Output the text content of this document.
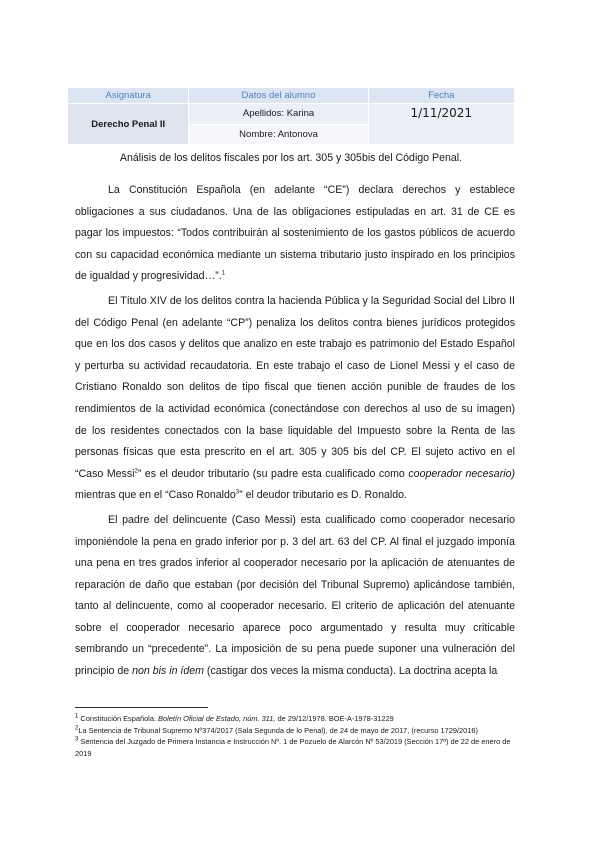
Asignatura	Datos del alumno	Fecha
Derecho Penal II	Apellidos: Karina	1/11/2021
	Nombre: Antonova	
Análisis de los delitos fiscales por los art. 305 y 305bis del Código Penal.

La Constitución Española (en adelante “CE”) declara derechos y establece obligaciones a sus ciudadanos. Una de las obligaciones estipuladas en art. 31 de CE es pagar los impuestos: “Todos contribuirán al sostenimiento de los gastos públicos de acuerdo con su capacidad económica mediante un sistema tributario justo inspirado en los principios de igualdad y progresividad…”.$^1$

El Título XIV de los delitos contra la hacienda Pública y la Seguridad Social del Libro II del Código Penal (en adelante “CP”) penaliza los delitos contra bienes jurídicos protegidos que en los dos casos y delitos que analizo en este trabajo es patrimonio del Estado Español y perturba su actividad recaudatoria. En este trabajo el caso de Lionel Messi y el caso de Cristiano Ronaldo son delitos de tipo fiscal que tienen acción punible de fraudes de los rendimientos de la actividad económica (conectándose con derechos al uso de su imagen) de los residentes conectados con la base liquidable del Impuesto sobre la Renta de las personas físicas que esta prescrito en el art. 305 y 305 bis del CP. El sujeto activo en el “Caso Messi$^2$” es el deudor tributario (su padre esta cualificado como cooperador necesario) mientras que en el “Caso Ronaldo$^3$” el deudor tributario es D. Ronaldo.

El padre del delincuente (Caso Messi) esta cualificado como cooperador necesario imponiéndole la pena en grado inferior por p. 3 del art. 63 del CP. Al final el juzgado imponía una pena en tres grados inferior al cooperador necesario por la aplicación de atenuantes de reparación de daño que estaban (por decisión del Tribunal Supremo) aplicándose también, tanto al delincuente, como al cooperador necesario. El criterio de aplicación del atenuante sobre el cooperador necesario aparece poco argumentado y resulta muy criticable sembrando un “precedente”. La imposición de su pena puede suponer una vulneración del principio de non bis in ídem (castigar dos veces la misma conducta). La doctrina acepta la

$^1$ Constitución Española. Boletín Oficial de Estado, núm. 311, de 29/12/1978. BOE-A-1978-31229
$^2$La Sentencia de Tribunal Supremo Nº374/2017 (Sala Segunda de lo Penal), de 24 de mayo de 2017, (recurso 1729/2016)
$^3$ Sentencia del Juzgado de Primera Instancia e Instrucción Nº. 1 de Pozuelo de Alarcón Nº 53/2019 (Sección 17ª) de 22 de enero de 2019
